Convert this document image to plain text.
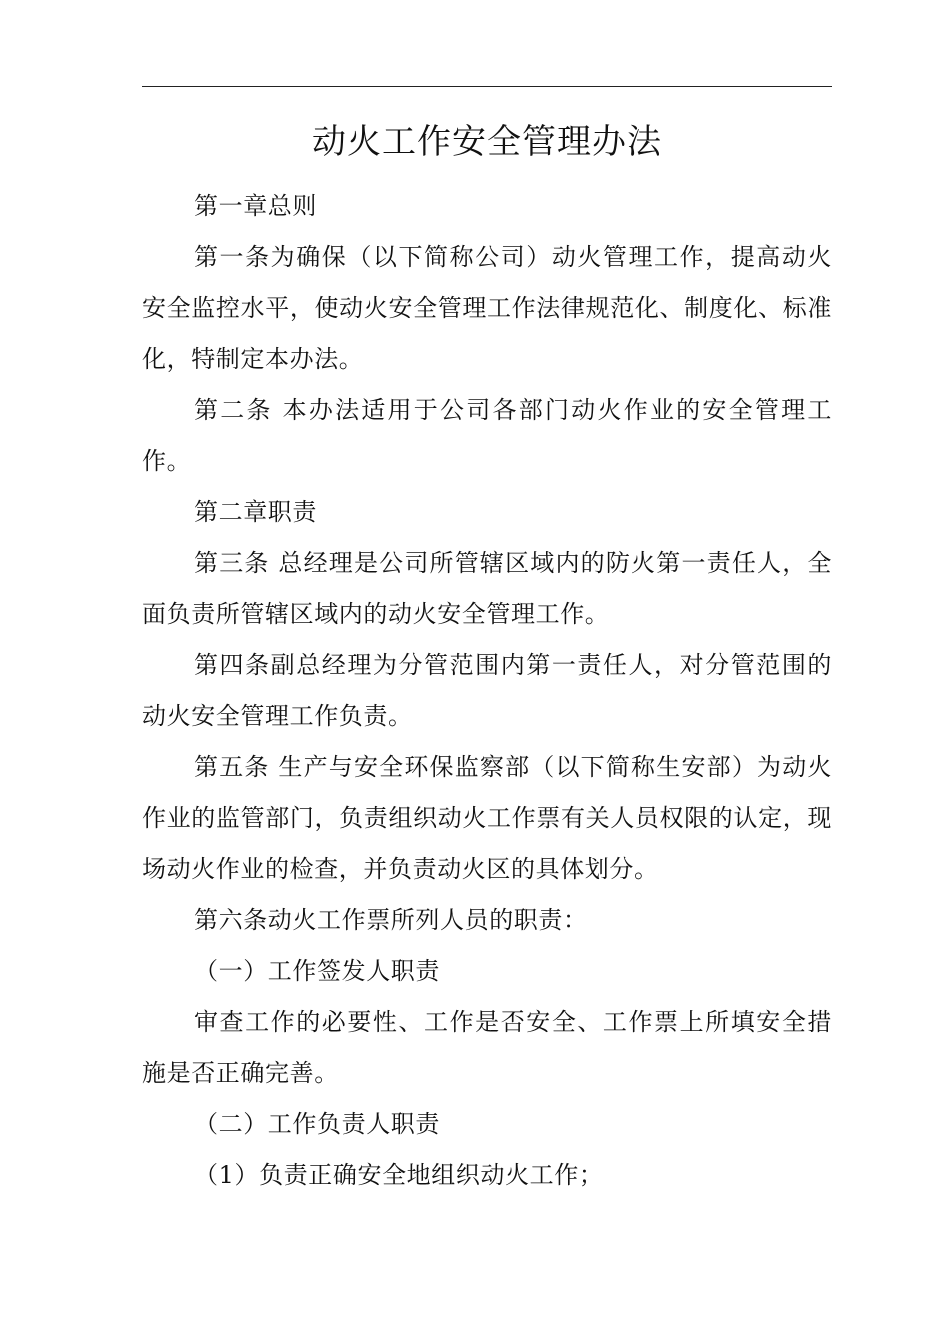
动火工作安全管理办法

第一章总则

第一条为确保（以下简称公司）动火管理工作，提高动火安全监控水平，使动火安全管理工作法律规范化、制度化、标准化，特制定本办法。

第二条 本办法适用于公司各部门动火作业的安全管理工作。

第二章职责

第三条 总经理是公司所管辖区域内的防火第一责任人，全面负责所管辖区域内的动火安全管理工作。

第四条副总经理为分管范围内第一责任人，对分管范围的动火安全管理工作负责。

第五条 生产与安全环保监察部（以下简称生安部）为动火作业的监管部门，负责组织动火工作票有关人员权限的认定，现场动火作业的检查，并负责动火区的具体划分。

第六条动火工作票所列人员的职责：

（一）工作签发人职责

审查工作的必要性、工作是否安全、工作票上所填安全措施是否正确完善。

（二）工作负责人职责

（1）负责正确安全地组织动火工作；
